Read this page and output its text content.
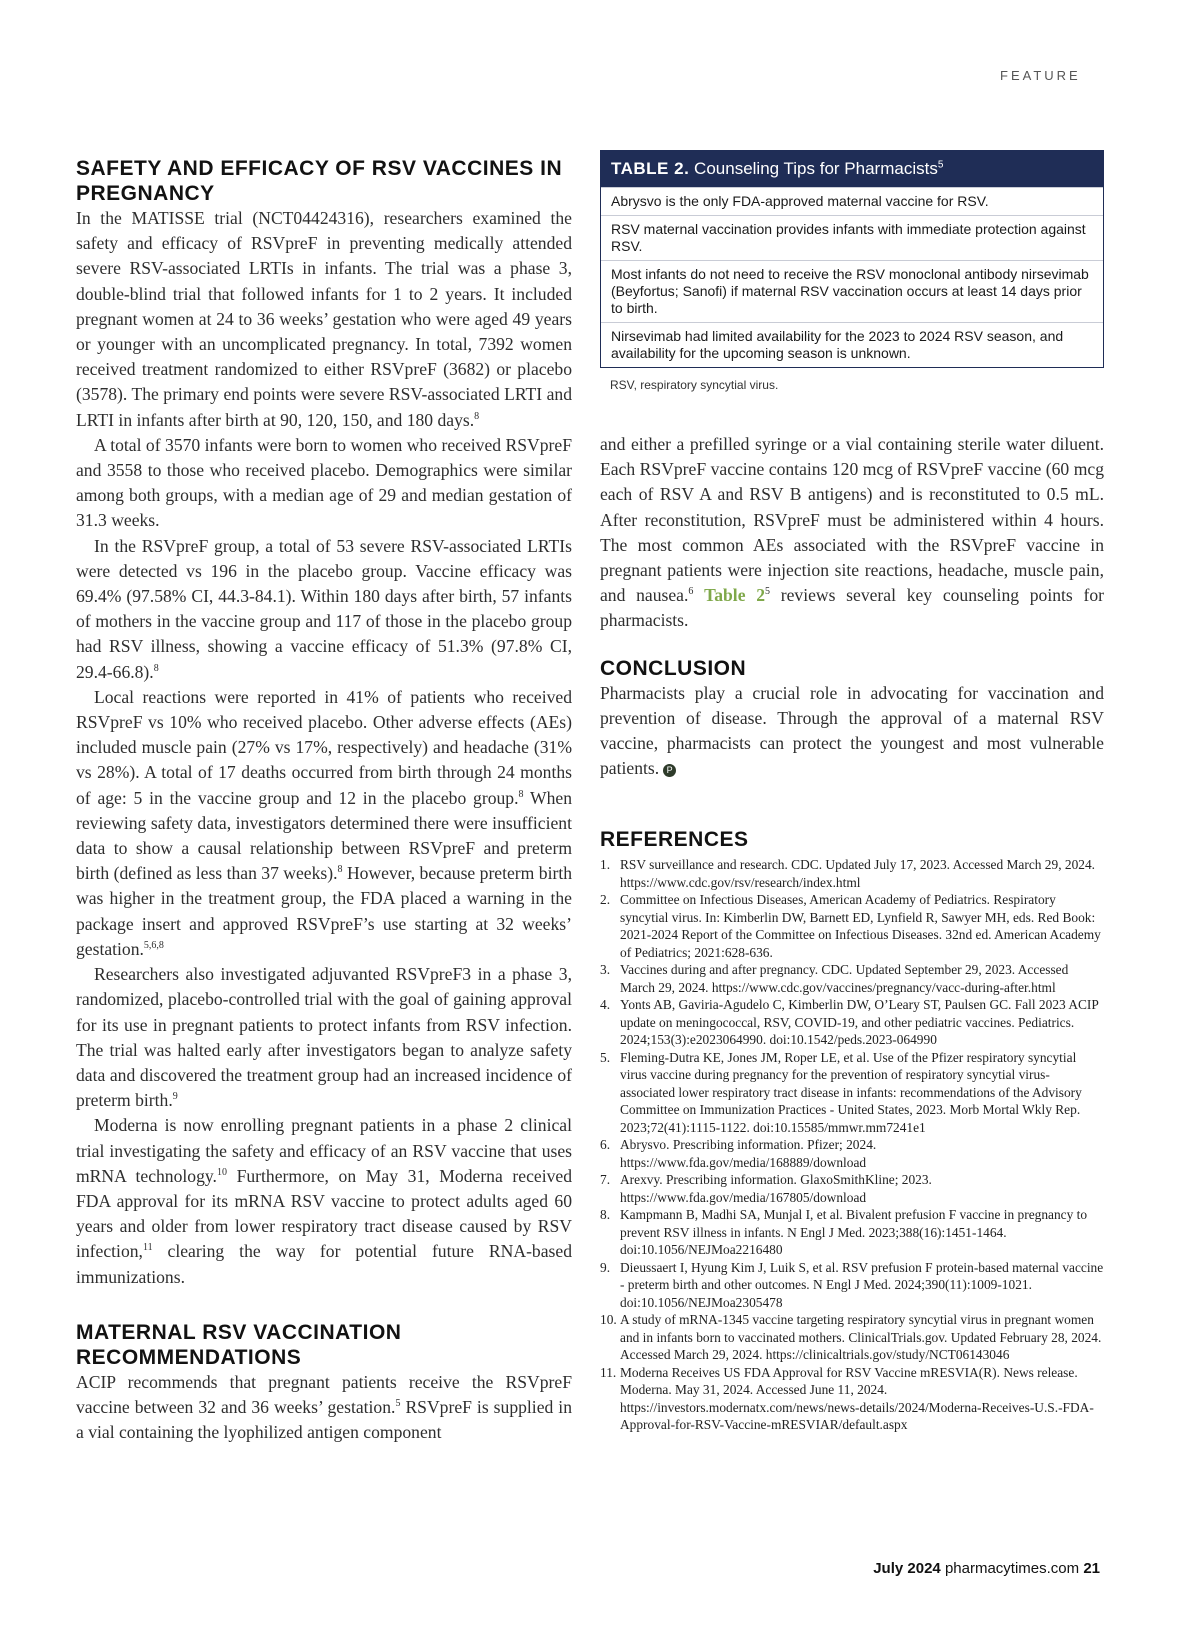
FEATURE
SAFETY AND EFFICACY OF RSV VACCINES IN PREGNANCY

In the MATISSE trial (NCT04424316), researchers examined the safety and efficacy of RSVpreF in preventing medically attended severe RSV-associated LRTIs in infants. The trial was a phase 3, double-blind trial that followed infants for 1 to 2 years. It included pregnant women at 24 to 36 weeks’ gestation who were aged 49 years or younger with an uncomplicated pregnancy. In total, 7392 women received treatment randomized to either RSVpreF (3682) or placebo (3578). The primary end points were severe RSV-associated LRTI and LRTI in infants after birth at 90, 120, 150, and 180 days.$^8$

A total of 3570 infants were born to women who received RSVpreF and 3558 to those who received placebo. Demographics were similar among both groups, with a median age of 29 and median gestation of 31.3 weeks.

In the RSVpreF group, a total of 53 severe RSV-associated LRTIs were detected vs 196 in the placebo group. Vaccine efficacy was 69.4% (97.58% CI, 44.3-84.1). Within 180 days after birth, 57 infants of mothers in the vaccine group and 117 of those in the placebo group had RSV illness, showing a vaccine efficacy of 51.3% (97.8% CI, 29.4-66.8).$^8$

Local reactions were reported in 41% of patients who received RSVpreF vs 10% who received placebo. Other adverse effects (AEs) included muscle pain (27% vs 17%, respectively) and headache (31% vs 28%). A total of 17 deaths occurred from birth through 24 months of age: 5 in the vaccine group and 12 in the placebo group.$^8$ When reviewing safety data, investigators determined there were insufficient data to show a causal relationship between RSVpreF and preterm birth (defined as less than 37 weeks).$^8$ However, because preterm birth was higher in the treatment group, the FDA placed a warning in the package insert and approved RSVpreF’s use starting at 32 weeks’ gestation.$^{5,6,8}$

Researchers also investigated adjuvanted RSVpreF3 in a phase 3, randomized, placebo-controlled trial with the goal of gaining approval for its use in pregnant patients to protect infants from RSV infection. The trial was halted early after investigators began to analyze safety data and discovered the treatment group had an increased incidence of preterm birth.$^9$

Moderna is now enrolling pregnant patients in a phase 2 clinical trial investigating the safety and efficacy of an RSV vaccine that uses mRNA technology.$^{10}$ Furthermore, on May 31, Moderna received FDA approval for its mRNA RSV vaccine to protect adults aged 60 years and older from lower respiratory tract disease caused by RSV infection,$^{11}$ clearing the way for potential future RNA-based immunizations.

MATERNAL RSV VACCINATION RECOMMENDATIONS

ACIP recommends that pregnant patients receive the RSVpreF vaccine between 32 and 36 weeks’ gestation.$^5$ RSVpreF is supplied in a vial containing the lyophilized antigen component

TABLE 2. Counseling Tips for Pharmacists$^5$
Abrysvo is the only FDA-approved maternal vaccine for RSV.
RSV maternal vaccination provides infants with immediate protection against RSV.
Most infants do not need to receive the RSV monoclonal antibody nirsevimab (Beyfortus; Sanofi) if maternal RSV vaccination occurs at least 14 days prior to birth.
Nirsevimab had limited availability for the 2023 to 2024 RSV season, and availability for the upcoming season is unknown.
RSV, respiratory syncytial virus.

and either a prefilled syringe or a vial containing sterile water diluent. Each RSVpreF vaccine contains 120 mcg of RSVpreF vaccine (60 mcg each of RSV A and RSV B antigens) and is reconstituted to 0.5 mL. After reconstitution, RSVpreF must be administered within 4 hours. The most common AEs associated with the RSVpreF vaccine in pregnant patients were injection site reactions, headache, muscle pain, and nausea.$^6$ Table $2^5$ reviews several key counseling points for pharmacists.

CONCLUSION

Pharmacists play a crucial role in advocating for vaccination and prevention of disease. Through the approval of a maternal RSV vaccine, pharmacists can protect the youngest and most vulnerable patients. P

REFERENCES
1. RSV surveillance and research. CDC. Updated July 17, 2023. Accessed March 29, 2024. https://www.cdc.gov/rsv/research/index.html
2. Committee on Infectious Diseases, American Academy of Pediatrics. Respiratory syncytial virus. In: Kimberlin DW, Barnett ED, Lynfield R, Sawyer MH, eds. Red Book: 2021-2024 Report of the Committee on Infectious Diseases. 32nd ed. American Academy of Pediatrics; 2021:628-636.
3. Vaccines during and after pregnancy. CDC. Updated September 29, 2023. Accessed March 29, 2024. https://www.cdc.gov/vaccines/pregnancy/vacc-during-after.html
4. Yonts AB, Gaviria-Agudelo C, Kimberlin DW, O’Leary ST, Paulsen GC. Fall 2023 ACIP update on meningococcal, RSV, COVID-19, and other pediatric vaccines. Pediatrics. 2024;153(3):e2023064990. doi:10.1542/peds.2023-064990
5. Fleming-Dutra KE, Jones JM, Roper LE, et al. Use of the Pfizer respiratory syncytial virus vaccine during pregnancy for the prevention of respiratory syncytial virus-associated lower respiratory tract disease in infants: recommendations of the Advisory Committee on Immunization Practices - United States, 2023. Morb Mortal Wkly Rep. 2023;72(41):1115-1122. doi:10.15585/mmwr.mm7241e1
6. Abrysvo. Prescribing information. Pfizer; 2024. https://www.fda.gov/media/168889/download
7. Arexvy. Prescribing information. GlaxoSmithKline; 2023. https://www.fda.gov/media/167805/download
8. Kampmann B, Madhi SA, Munjal I, et al. Bivalent prefusion F vaccine in pregnancy to prevent RSV illness in infants. N Engl J Med. 2023;388(16):1451-1464. doi:10.1056/NEJMoa2216480
9. Dieussaert I, Hyung Kim J, Luik S, et al. RSV prefusion F protein-based maternal vaccine - preterm birth and other outcomes. N Engl J Med. 2024;390(11):1009-1021. doi:10.1056/NEJMoa2305478
10. A study of mRNA-1345 vaccine targeting respiratory syncytial virus in pregnant women and in infants born to vaccinated mothers. ClinicalTrials.gov. Updated February 28, 2024. Accessed March 29, 2024. https://clinicaltrials.gov/study/NCT06143046
11. Moderna Receives US FDA Approval for RSV Vaccine mRESVIA(R). News release. Moderna. May 31, 2024. Accessed June 11, 2024. https://investors.modernatx.com/news/news-details/2024/Moderna-Receives-U.S.-FDA-Approval-for-RSV-Vaccine-mRESVIAR/default.aspx
July 2024 pharmacytimes.com 21
